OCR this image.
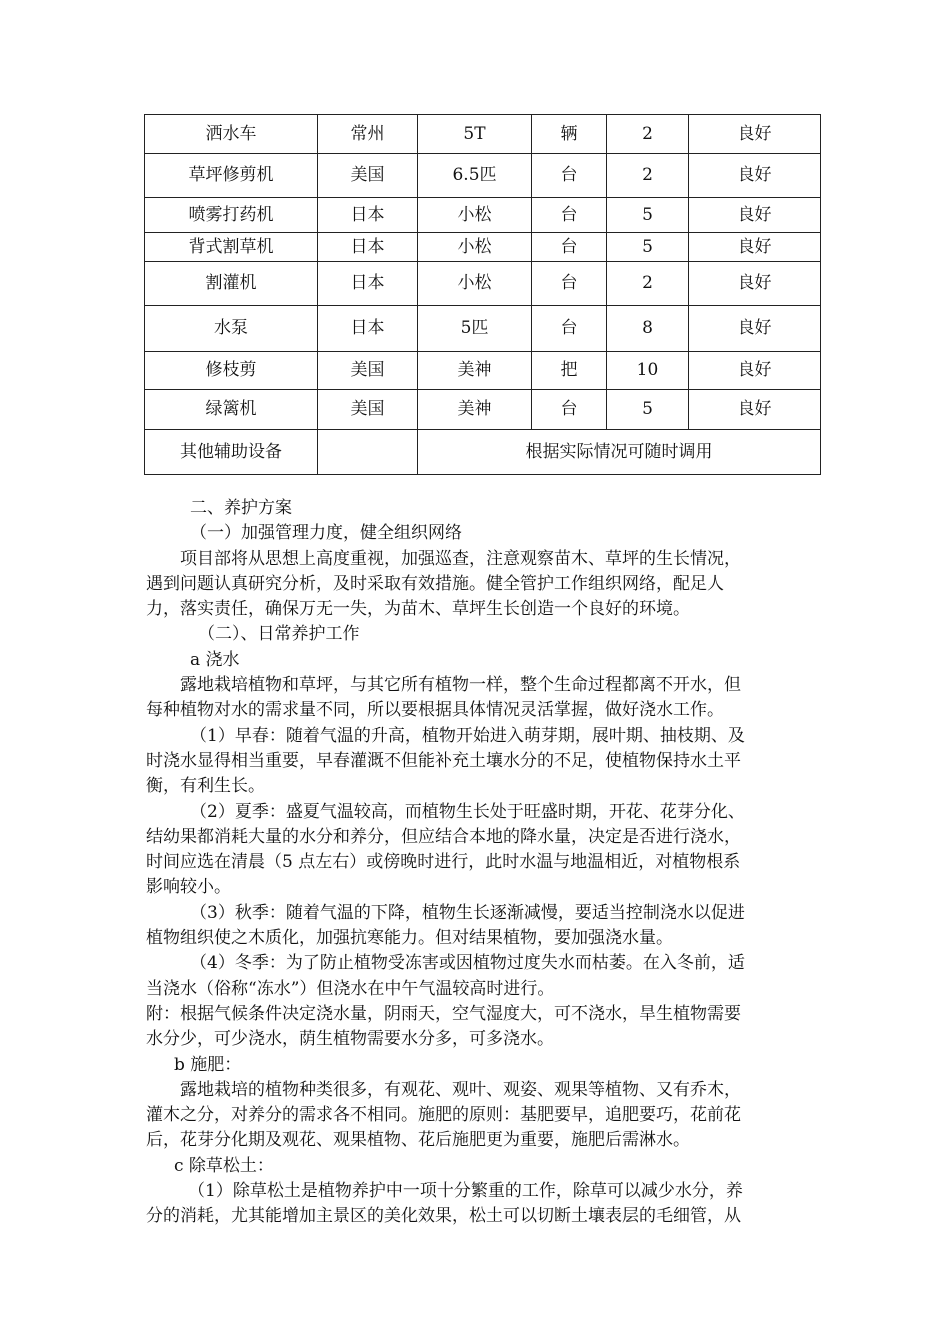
洒水车	常州	5T	辆	2	良好
草坪修剪机	美国	6.5匹	台	2	良好
喷雾打药机	日本	小松	台	5	良好
背式割草机	日本	小松	台	5	良好
割灌机	日本	小松	台	2	良好
水泵	日本	5匹	台	8	良好
修枝剪	美国	美神	把	10	良好
绿篱机	美国	美神	台	5	良好
其他辅助设备		根据实际情况可随时调用			
二、养护方案
（一）加强管理力度，健全组织网络
项目部将从思想上高度重视，加强巡查，注意观察苗木、草坪的生长情况，
遇到问题认真研究分析，及时采取有效措施。健全管护工作组织网络，配足人
力，落实责任，确保万无一失，为苗木、草坪生长创造一个良好的环境。
（二）、日常养护工作
a 浇水
露地栽培植物和草坪，与其它所有植物一样，整个生命过程都离不开水，但
每种植物对水的需求量不同，所以要根据具体情况灵活掌握，做好浇水工作。
（1）早春：随着气温的升高，植物开始进入萌芽期，展叶期、抽枝期、及
时浇水显得相当重要，早春灌溉不但能补充土壤水分的不足，使植物保持水土平
衡，有利生长。
（2）夏季：盛夏气温较高，而植物生长处于旺盛时期，开花、花芽分化、
结幼果都消耗大量的水分和养分，但应结合本地的降水量，决定是否进行浇水，
时间应选在清晨（5 点左右）或傍晚时进行，此时水温与地温相近，对植物根系
影响较小。
（3）秋季：随着气温的下降，植物生长逐渐减慢，要适当控制浇水以促进
植物组织使之木质化，加强抗寒能力。但对结果植物，要加强浇水量。
（4）冬季：为了防止植物受冻害或因植物过度失水而枯萎。在入冬前，适
当浇水（俗称“冻水”）但浇水在中午气温较高时进行。
附：根据气候条件决定浇水量，阴雨天，空气湿度大，可不浇水，旱生植物需要
水分少，可少浇水，荫生植物需要水分多，可多浇水。
b 施肥：
露地栽培的植物种类很多，有观花、观叶、观姿、观果等植物、又有乔木，
灌木之分，对养分的需求各不相同。施肥的原则：基肥要早，追肥要巧，花前花
后，花芽分化期及观花、观果植物、花后施肥更为重要，施肥后需淋水。
c 除草松土：
（1）除草松土是植物养护中一项十分繁重的工作，除草可以减少水分，养
分的消耗，尤其能增加主景区的美化效果，松土可以切断土壤表层的毛细管，从
